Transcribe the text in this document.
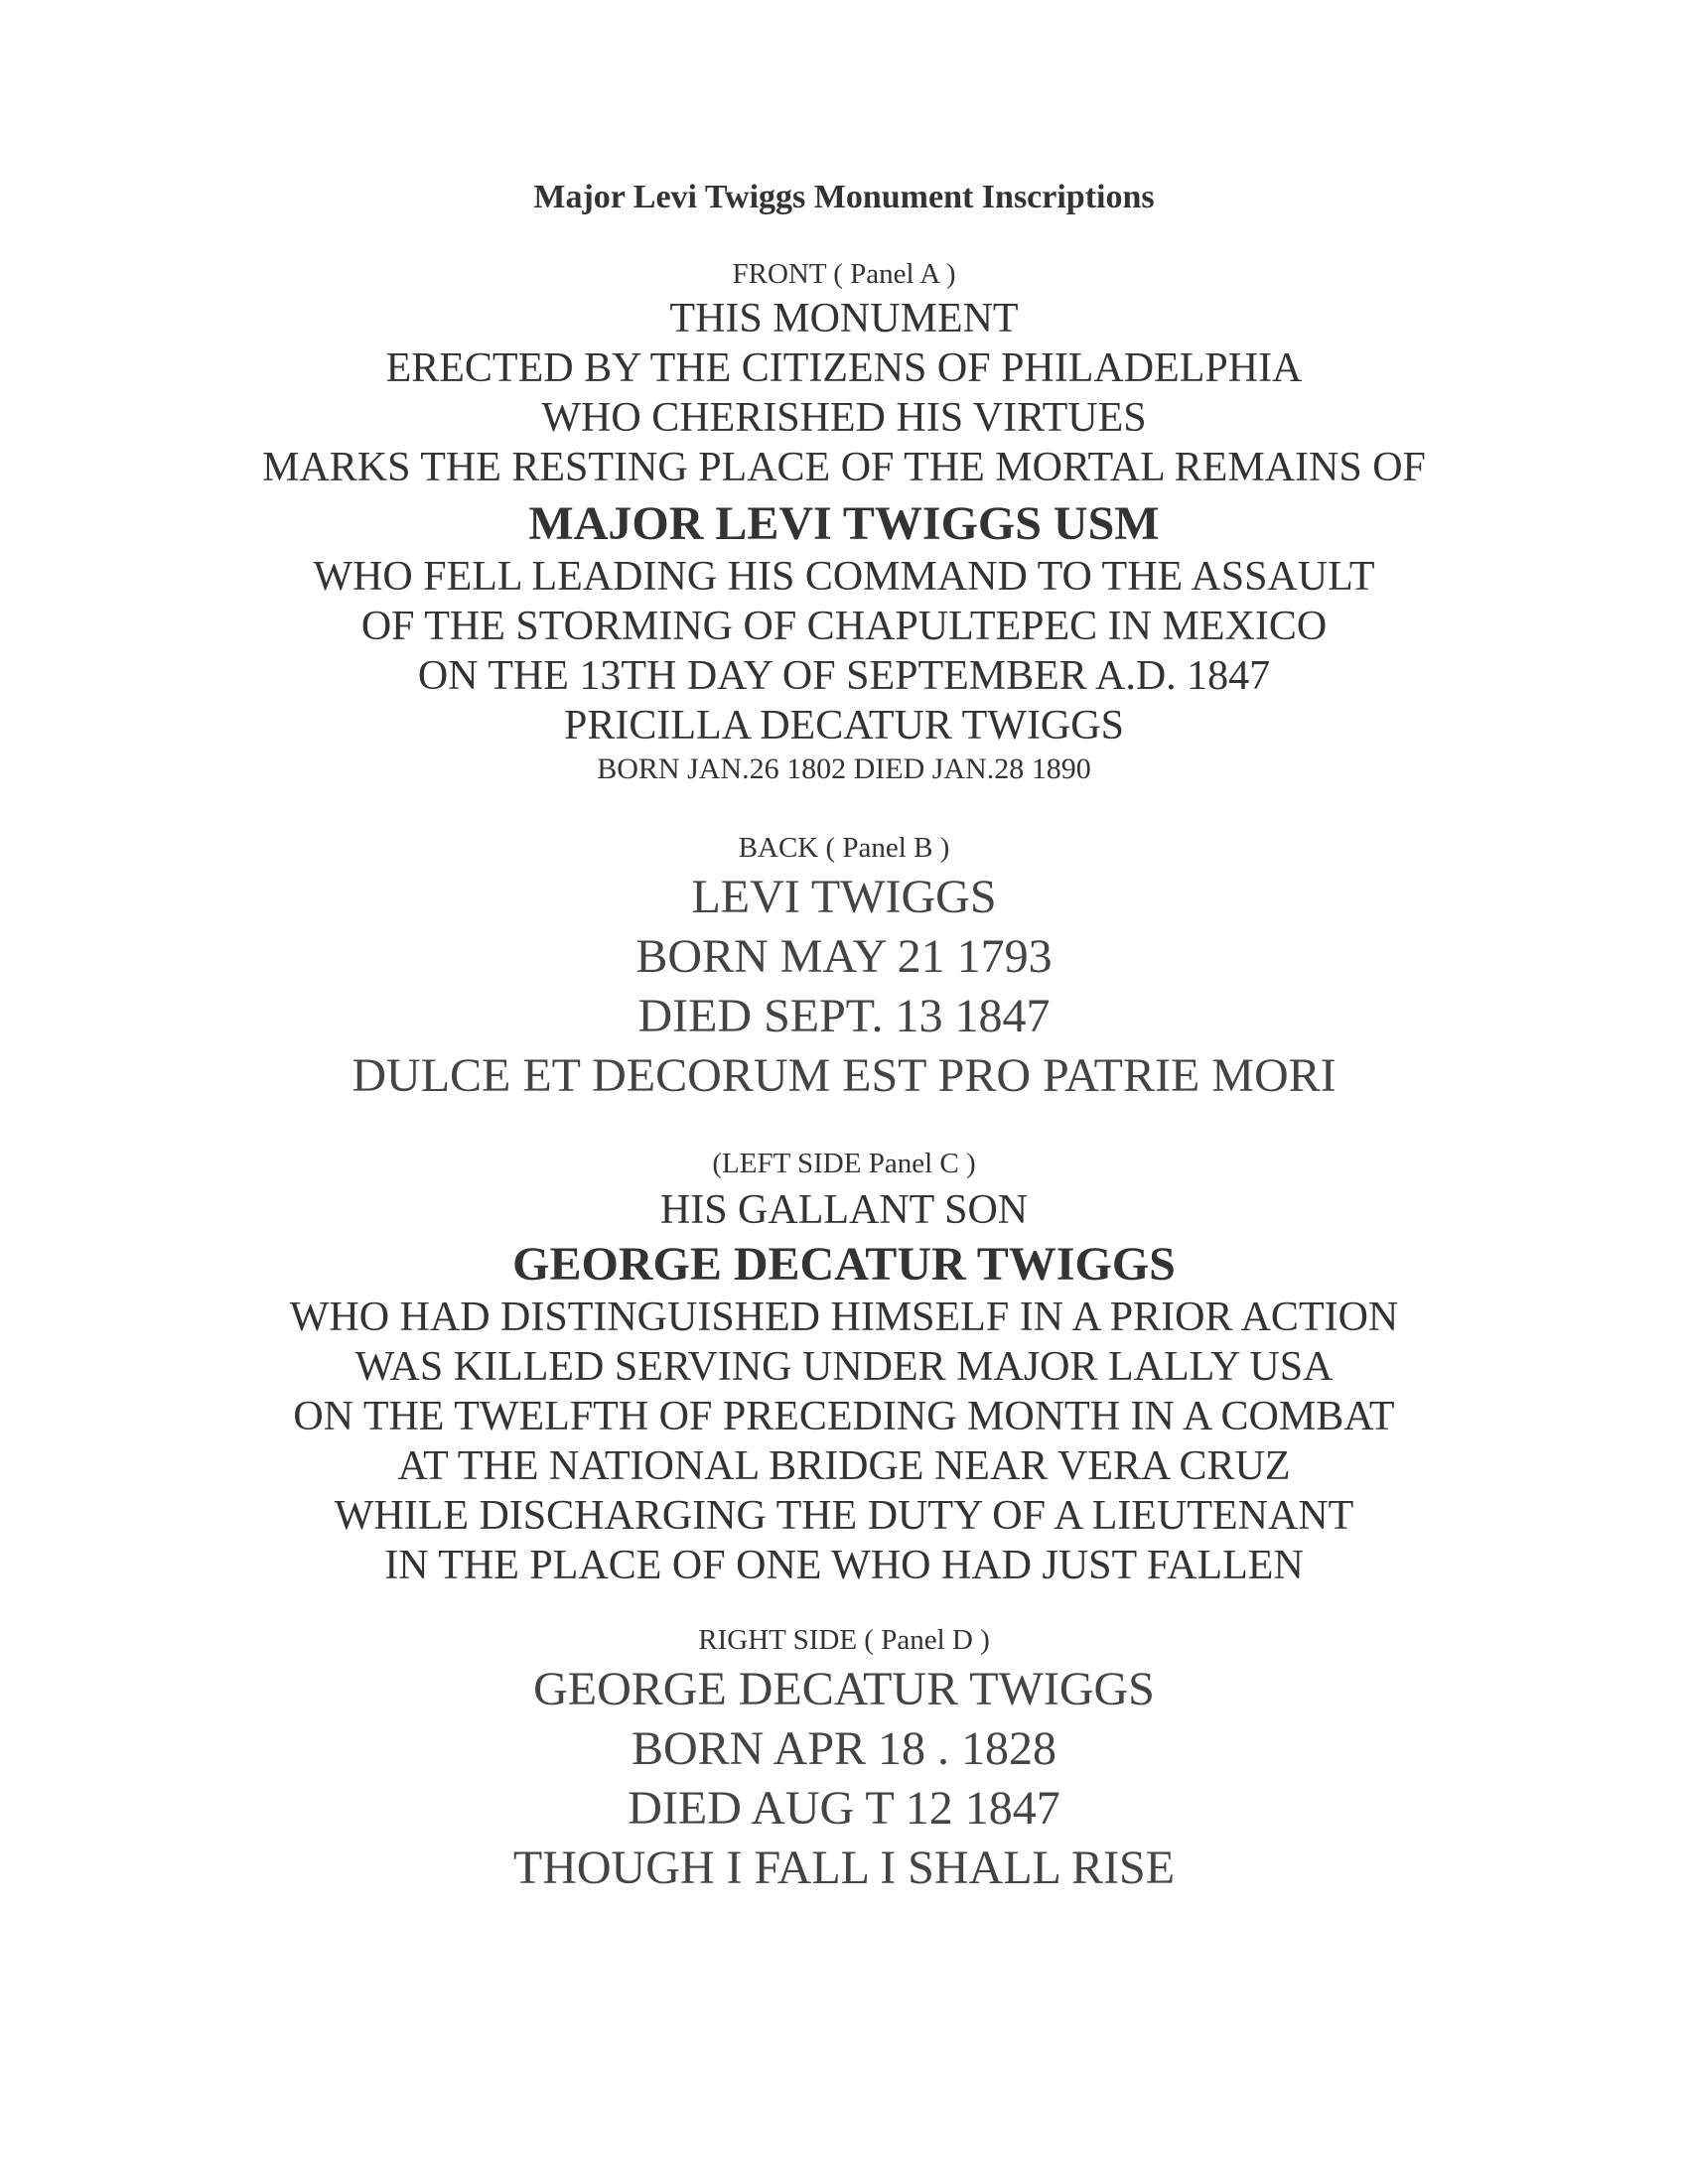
Major Levi Twiggs Monument Inscriptions
FRONT ( Panel A )
THIS MONUMENT
ERECTED BY THE CITIZENS OF PHILADELPHIA
WHO CHERISHED HIS VIRTUES
MARKS THE RESTING PLACE OF THE MORTAL REMAINS OF
MAJOR LEVI TWIGGS USM
WHO FELL LEADING HIS COMMAND TO THE ASSAULT
OF THE STORMING OF CHAPULTEPEC IN MEXICO
ON THE 13TH DAY OF SEPTEMBER A.D. 1847
PRICILLA DECATUR TWIGGS
BORN JAN.26 1802 DIED JAN.28 1890
BACK ( Panel B )
LEVI TWIGGS
BORN MAY 21 1793
DIED SEPT. 13 1847
DULCE ET DECORUM EST PRO PATRIE MORI
(LEFT SIDE Panel C )
HIS GALLANT SON
GEORGE DECATUR TWIGGS
WHO HAD DISTINGUISHED HIMSELF IN A PRIOR ACTION
WAS KILLED SERVING UNDER MAJOR LALLY USA
ON THE TWELFTH OF PRECEDING MONTH IN A COMBAT
AT THE NATIONAL BRIDGE NEAR VERA CRUZ
WHILE DISCHARGING THE DUTY OF A LIEUTENANT
IN THE PLACE OF ONE WHO HAD JUST FALLEN
RIGHT SIDE ( Panel D )
GEORGE DECATUR TWIGGS
BORN APR 18 . 1828
DIED AUG T 12 1847
THOUGH I FALL I SHALL RISE
